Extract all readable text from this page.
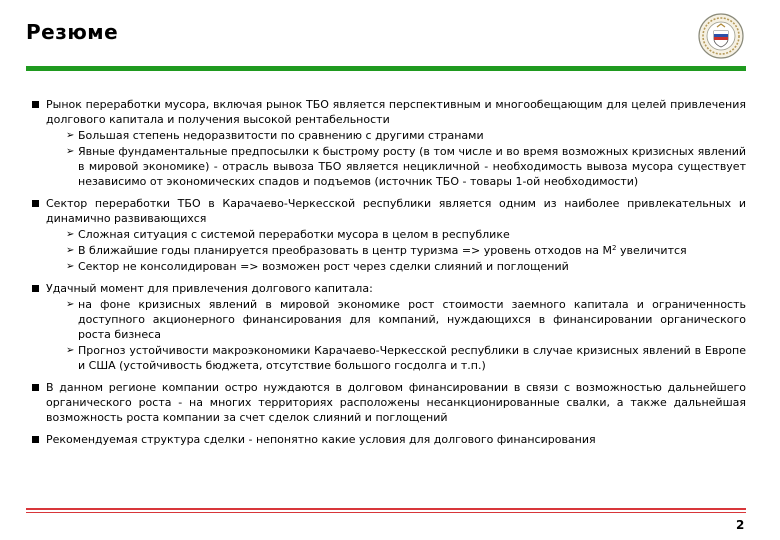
Резюме
Рынок переработки мусора, включая рынок ТБО является перспективным и многообещающим для целей привлечения долгового капитала и получения высокой рентабельности
➢ Большая степень недоразвитости по сравнению с другими странами
➢ Явные фундаментальные предпосылки к быстрому росту (в том числе и во время возможных кризисных явлений в мировой экономике) - отрасль вывоза ТБО является нецикличной - необходимость вывоза мусора существует независимо от экономических спадов и подъемов (источник ТБО - товары 1-ой необходимости)
Сектор переработки ТБО в Карачаево-Черкесской республики является одним из наиболее привлекательных и динамично развивающихся
➢ Сложная ситуация с системой переработки мусора в целом в республике
➢ В ближайшие годы планируется преобразовать в центр туризма => уровень отходов на $М^2$ увеличится
➢ Сектор не консолидирован => возможен рост через сделки слияний и поглощений
Удачный момент для привлечения долгового капитала:
➢ на фоне кризисных явлений в мировой экономике рост стоимости заемного капитала и ограниченность доступного акционерного финансирования для компаний, нуждающихся в финансировании органического роста бизнеса
➢ Прогноз устойчивости макроэкономики Карачаево-Черкесской республики в случае кризисных явлений в Европе и США (устойчивость бюджета, отсутствие большого госдолга и т.п.)
В данном регионе компании остро нуждаются в долговом финансировании в связи с возможностью дальнейшего органического роста - на многих территориях расположены несанкционированные свалки, а также дальнейшая возможность роста компании за счет сделок слияний и поглощений
Рекомендуемая структура сделки - непонятно какие условия для долгового финансирования
2
